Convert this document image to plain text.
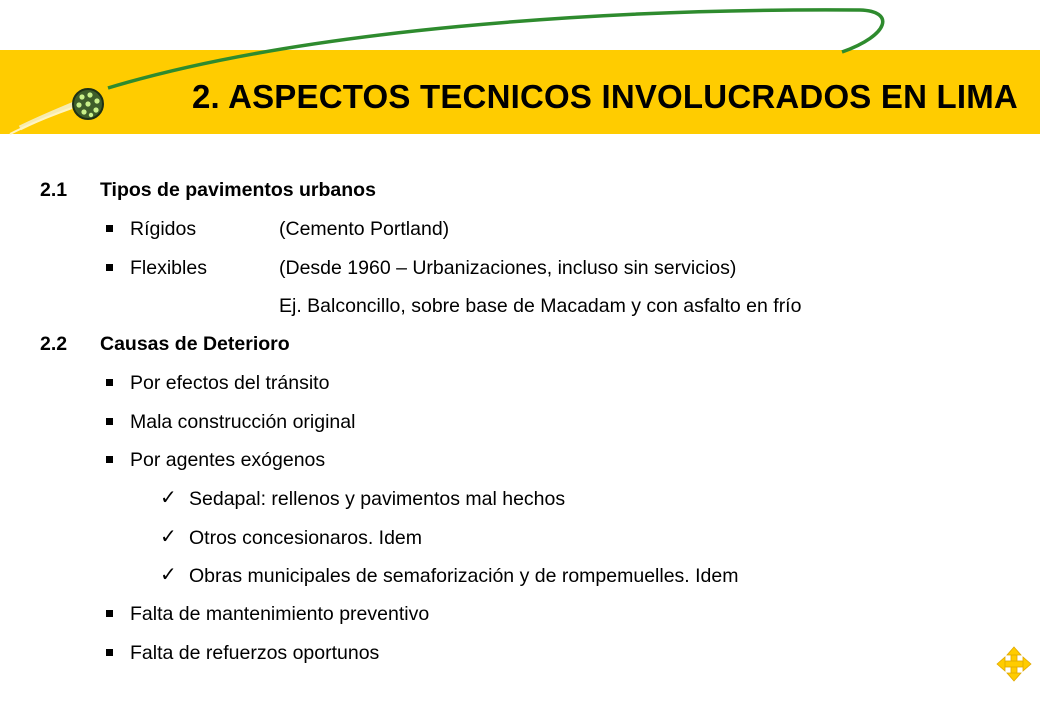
2. ASPECTOS TECNICOS INVOLUCRADOS EN LIMA
2.1 Tipos de pavimentos urbanos
Rígidos	(Cemento Portland)
Flexibles	(Desde 1960 – Urbanizaciones, incluso sin servicios)
Ej. Balconcillo, sobre base de Macadam y con asfalto en frío
2.2 Causas de Deterioro
Por efectos del tránsito
Mala construcción original
Por agentes exógenos
✓ Sedapal: rellenos y pavimentos mal hechos
✓ Otros concesionaros. Idem
✓ Obras municipales de semaforización y de rompemuelles. Idem
Falta de mantenimiento preventivo
Falta de refuerzos oportunos
